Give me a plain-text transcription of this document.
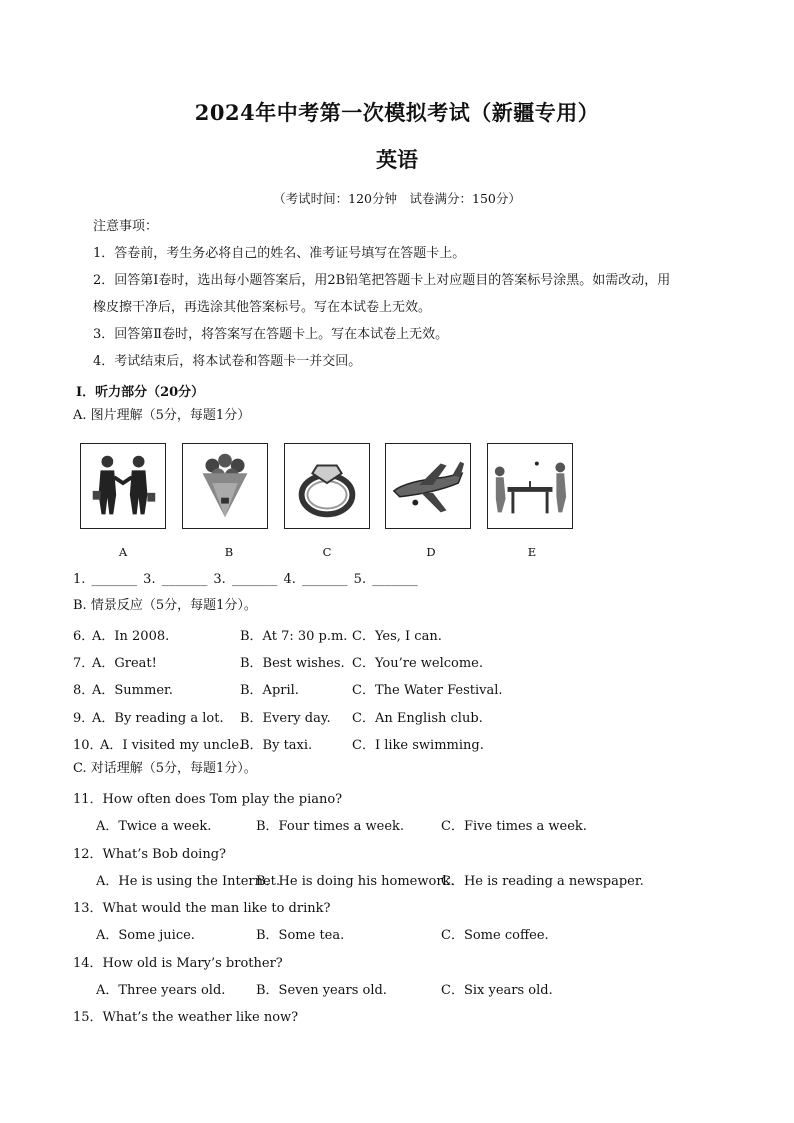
2024年中考第一次模拟考试（新疆专用）
英语
（考试时间：120分钟　试卷满分：150分）
注意事项：
1．答卷前，考生务必将自己的姓名、准考证号填写在答题卡上。
2．回答第Ⅰ卷时，选出每小题答案后，用2B铅笔把答题卡上对应题目的答案标号涂黑。如需改动，用
橡皮擦干净后，再选涂其他答案标号。写在本试卷上无效。
3．回答第Ⅱ卷时，将答案写在答题卡上。写在本试卷上无效。
4．考试结束后，将本试卷和答题卡一并交回。
Ⅰ．听力部分（20分）
A. 图片理解（5分，每题1分）
A	B	C	D	E
1. _______ 3. _______ 3. _______ 4. _______ 5. _______
B. 情景反应（5分，每题1分）。
6．
A．In 2008.	B．At 7: 30 p.m. C．Yes, I can.
7．
A．Great!	B．Best wishes. C．You’re welcome.
8．
A．Summer.	B．April.	C．The Water Festival.
9．
A．By reading a lot. B．Every day. C．An English club.
10．
A．I visited my uncle.
B．By taxi.	C．I like swimming.
C. 对话理解（5分，每题1分）。
11．How often does Tom play the piano?
A．Twice a week.	B．Four times a week.	C．Five times a week.
12．What’s Bob doing?
A．He is using the Internet.
B．He is doing his homework.
C．He is reading a newspaper.
13．What would the man like to drink?
A．Some juice.	B．Some tea.	C．Some coffee.
14．How old is Mary’s brother?
A．Three years old. B．Seven years old.	C．Six years old.
15．What’s the weather like now?
